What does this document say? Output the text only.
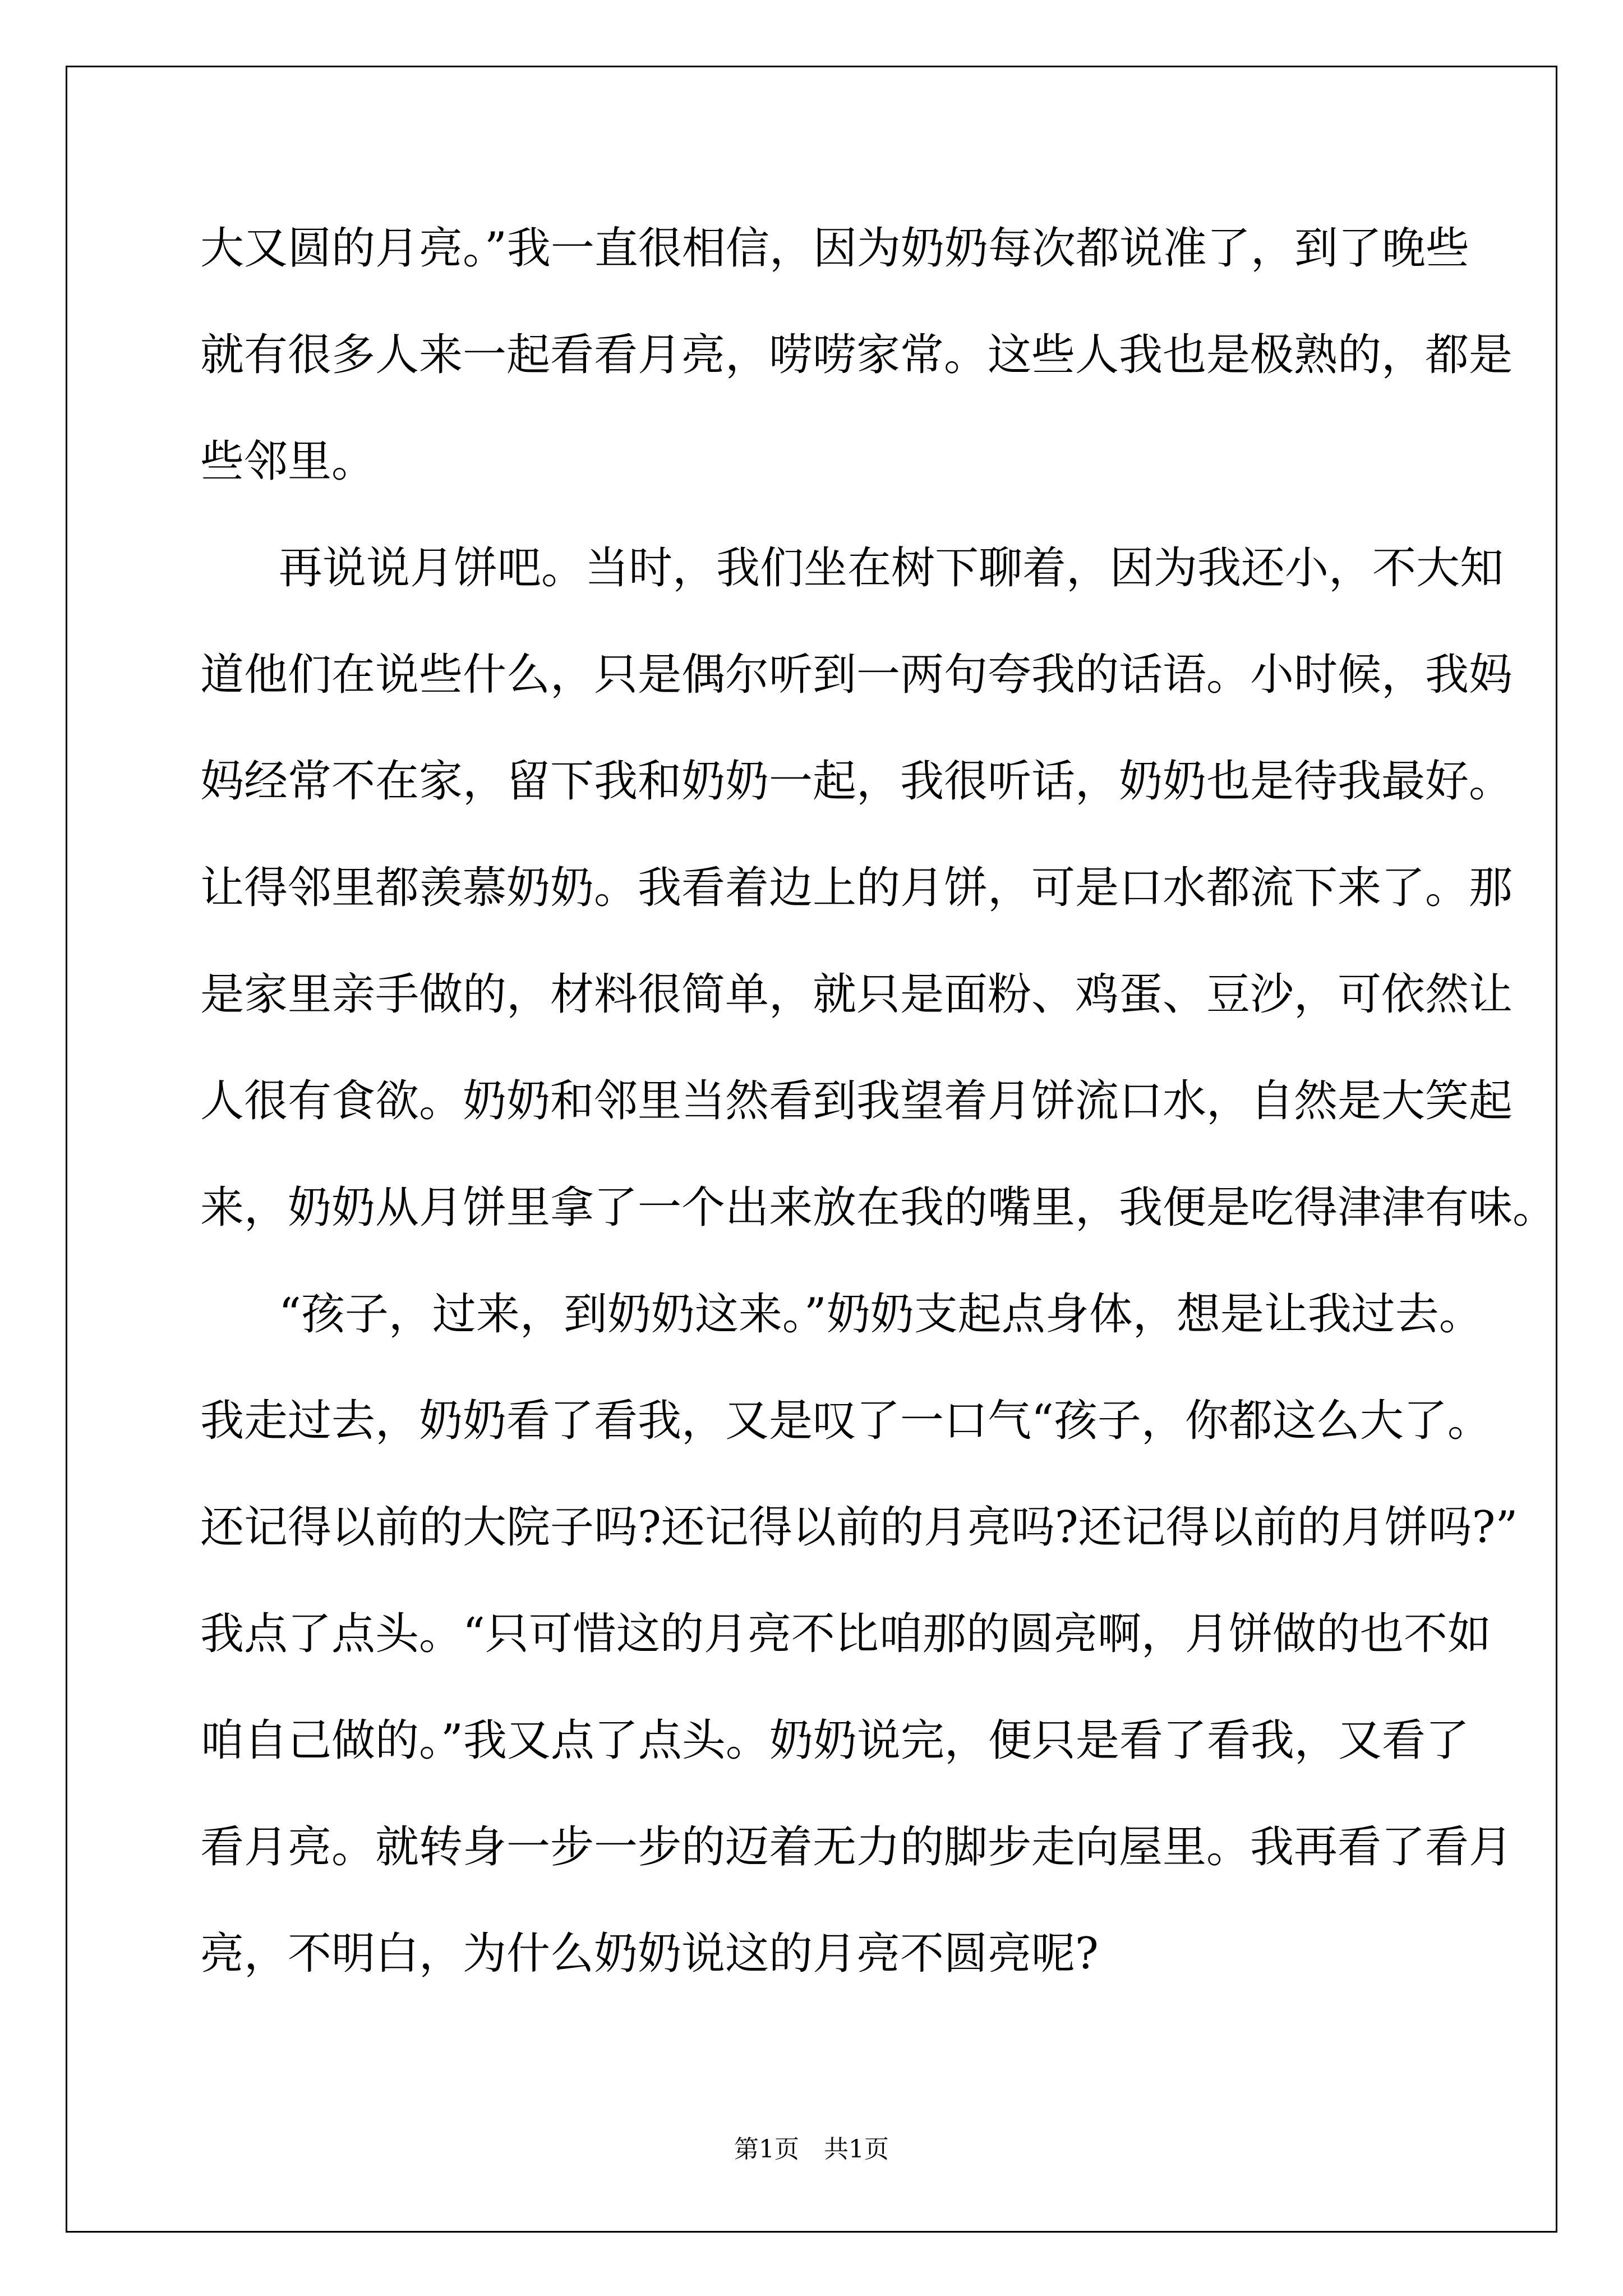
大又圆的月亮。”我一直很相信，因为奶奶每次都说准了，到了晚些
就有很多人来一起看看月亮，唠唠家常。这些人我也是极熟的，都是
些邻里。
再说说月饼吧。当时，我们坐在树下聊着，因为我还小，不大知
道他们在说些什么，只是偶尔听到一两句夸我的话语。小时候，我妈
妈经常不在家，留下我和奶奶一起，我很听话，奶奶也是待我最好。
让得邻里都羡慕奶奶。我看着边上的月饼，可是口水都流下来了。那
是家里亲手做的，材料很简单，就只是面粉、鸡蛋、豆沙，可依然让
人很有食欲。奶奶和邻里当然看到我望着月饼流口水，自然是大笑起
来，奶奶从月饼里拿了一个出来放在我的嘴里，我便是吃得津津有味。
“孩子，过来，到奶奶这来。”奶奶支起点身体，想是让我过去。
我走过去，奶奶看了看我，又是叹了一口气“孩子，你都这么大了。
还记得以前的大院子吗?还记得以前的月亮吗?还记得以前的月饼吗?”
我点了点头。“只可惜这的月亮不比咱那的圆亮啊，月饼做的也不如
咱自己做的。”我又点了点头。奶奶说完，便只是看了看我，又看了
看月亮。就转身一步一步的迈着无力的脚步走向屋里。我再看了看月
亮，不明白，为什么奶奶说这的月亮不圆亮呢?
第1页　共1页
